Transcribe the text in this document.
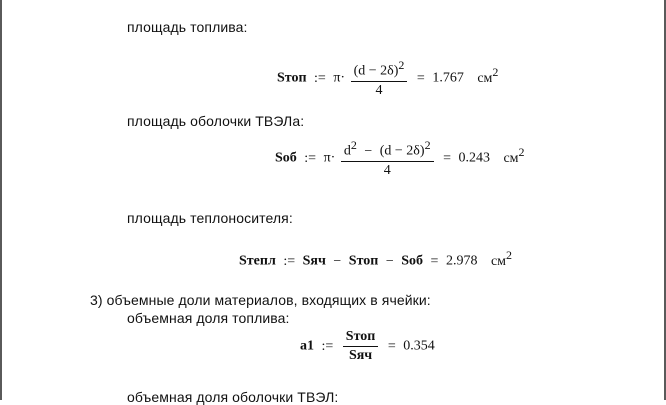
площадь топлива:
Sтоп := $\pi\cdot \frac{(d - 2\delta)^2}{4} = 1.767$ $см^2$
площадь оболочки ТВЭЛа:
Sоб := $\pi\cdot \frac{d^2 - (d - 2\delta)^2}{4} = 0.243$ $см^2$
площадь теплоносителя:
Sтепл := Sяч − Sтоп − Sоб = 2.978 $см^2$
3) объемные доли материалов, входящих в ячейки:
объемная доля топлива:
a1 := $\frac{\text{Sтоп}}{\text{Sяч}} = 0.354$
объемная доля оболочки ТВЭЛ:
